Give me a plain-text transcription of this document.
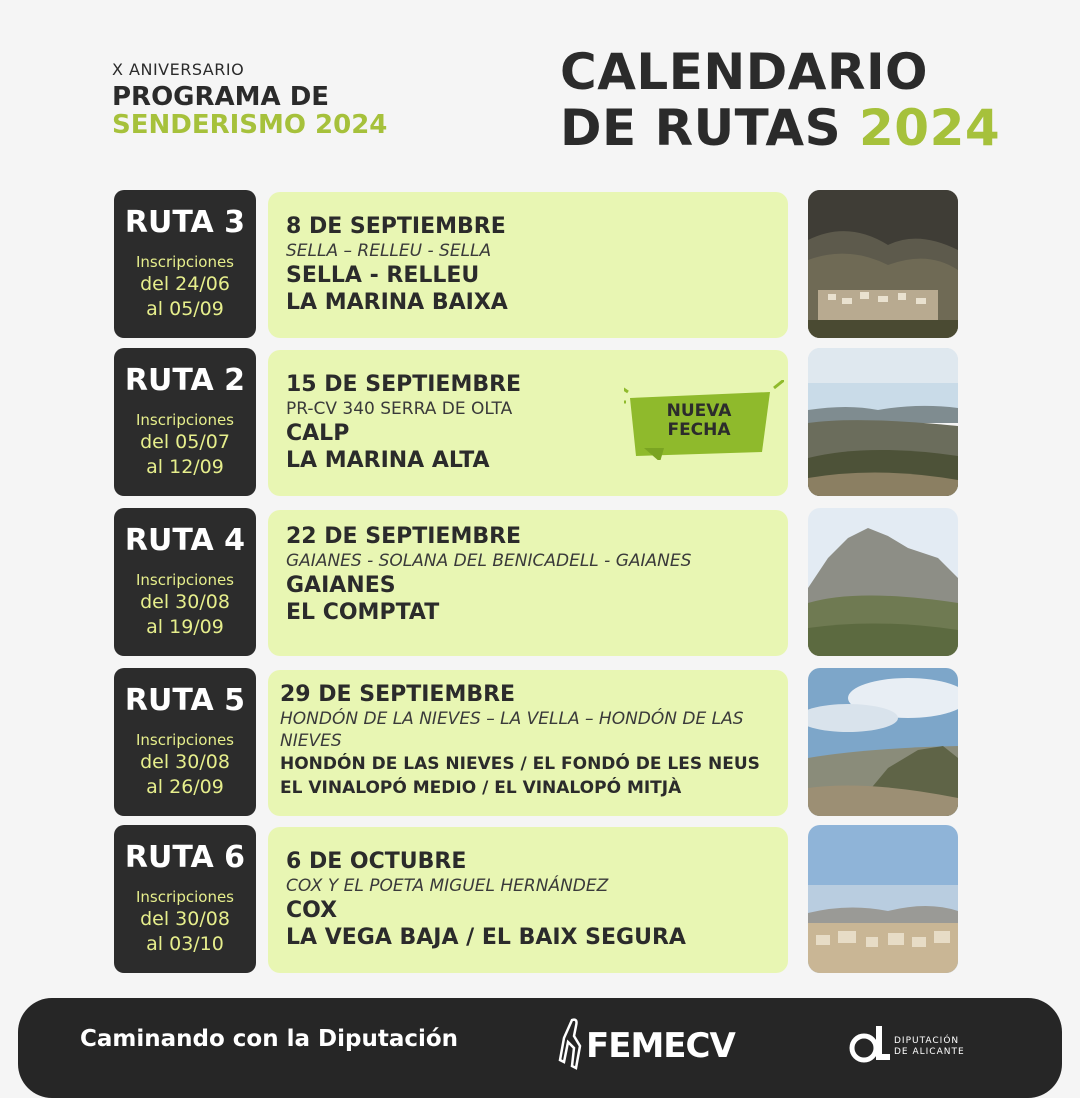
X ANIVERSARIO
PROGRAMA DE
SENDERISMO 2024
CALENDARIO
DE RUTAS 2024
RUTA 3
Inscripciones
del 24/06
al 05/09
8 DE SEPTIEMBRE
SELLA – RELLEU - SELLA
SELLA - RELLEU
LA MARINA BAIXA
RUTA 2
Inscripciones
del 05/07
al 12/09
15 DE SEPTIEMBRE
PR-CV 340 SERRA DE OLTA
CALP
LA MARINA ALTA
NUEVA
FECHA
RUTA 4
Inscripciones
del 30/08
al 19/09
22 DE SEPTIEMBRE
GAIANES - SOLANA DEL BENICADELL - GAIANES
GAIANES
EL COMPTAT
RUTA 5
Inscripciones
del 30/08
al 26/09
29 DE SEPTIEMBRE
HONDÓN DE LA NIEVES – LA VELLA – HONDÓN DE LAS NIEVES
HONDÓN DE LAS NIEVES / EL FONDÓ DE LES NEUS
EL VINALOPÓ MEDIO / EL VINALOPÓ MITJÀ
RUTA 6
Inscripciones
del 30/08
al 03/10
6 DE OCTUBRE
COX Y EL POETA MIGUEL HERNÁNDEZ
COX
LA VEGA BAJA / EL BAIX SEGURA
Caminando con la Diputación	FEMECV	DIPUTACIÓN
DE ALICANTE
